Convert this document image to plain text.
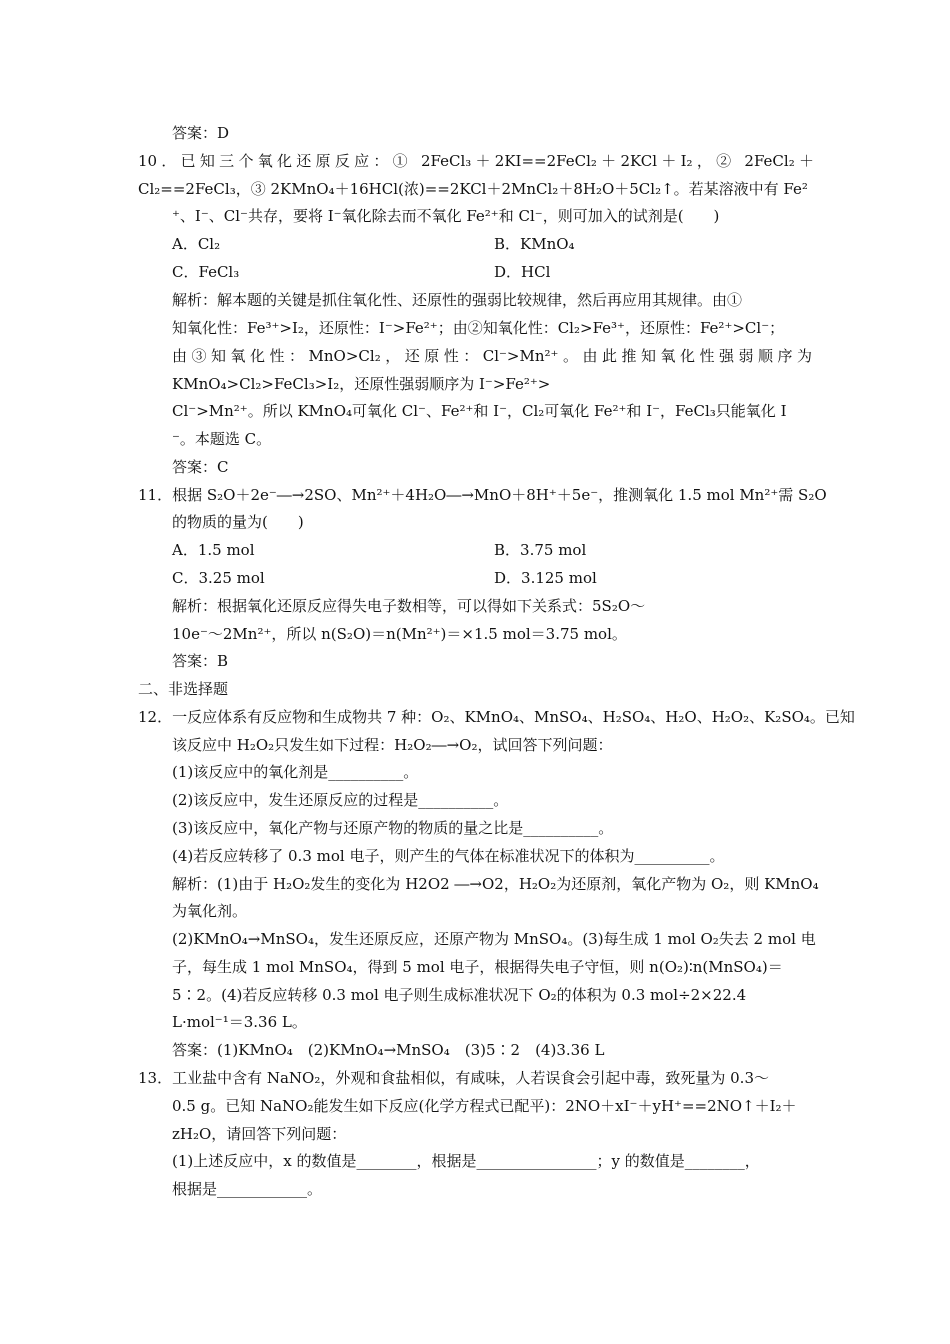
答案：D
10．已知三个氧化还原反应：① 2FeCl₃＋2KI==2FeCl₂＋2KCl＋I₂，② 2FeCl₂＋
Cl₂==2FeCl₃，③ 2KMnO₄＋16HCl(浓)==2KCl＋2MnCl₂＋8H₂O＋5Cl₂↑。若某溶液中有 Fe²
⁺、I⁻、Cl⁻共存，要将 I⁻氧化除去而不氧化 Fe²⁺和 Cl⁻，则可加入的试剂是(　　)
A．Cl₂	B．KMnO₄
C．FeCl₃	D．HCl
解析：解本题的关键是抓住氧化性、还原性的强弱比较规律，然后再应用其规律。由①
知氧化性：Fe³⁺>I₂，还原性：I⁻>Fe²⁺；由②知氧化性：Cl₂>Fe³⁺，还原性：Fe²⁺>Cl⁻；
由③知氧化性：MnO>Cl₂，还原性：Cl⁻>Mn²⁺。由此推知氧化性强弱顺序为
KMnO₄>Cl₂>FeCl₃>I₂，还原性强弱顺序为 I⁻>Fe²⁺>
Cl⁻>Mn²⁺。所以 KMnO₄可氧化 Cl⁻、Fe²⁺和 I⁻，Cl₂可氧化 Fe²⁺和 I⁻，FeCl₃只能氧化 I
⁻。本题选 C。
答案：C
11．根据 S₂O＋2e⁻―→2SO、Mn²⁺＋4H₂O―→MnO＋8H⁺＋5e⁻，推测氧化 1.5 mol Mn²⁺需 S₂O
的物质的量为(　　)
A．1.5 mol	B．3.75 mol
C．3.25 mol	D．3.125 mol
解析：根据氧化还原反应得失电子数相等，可以得如下关系式：5S₂O～
10e⁻～2Mn²⁺，所以 n(S₂O)＝n(Mn²⁺)＝×1.5 mol＝3.75 mol。
答案：B
二、非选择题
12．一反应体系有反应物和生成物共 7 种：O₂、KMnO₄、MnSO₄、H₂SO₄、H₂O、H₂O₂、K₂SO₄。已知
该反应中 H₂O₂只发生如下过程：H₂O₂―→O₂，试回答下列问题：
(1)该反应中的氧化剂是__________。
(2)该反应中，发生还原反应的过程是__________。
(3)该反应中，氧化产物与还原产物的物质的量之比是__________。
(4)若反应转移了 0.3 mol 电子，则产生的气体在标准状况下的体积为__________。
解析：(1)由于 H₂O₂发生的变化为 H2O2 ―→O2，H₂O₂为还原剂，氧化产物为 O₂，则 KMnO₄
为氧化剂。
(2)KMnO₄→MnSO₄，发生还原反应，还原产物为 MnSO₄。(3)每生成 1 mol O₂失去 2 mol 电
子，每生成 1 mol MnSO₄，得到 5 mol 电子，根据得失电子守恒，则 n(O₂)∶n(MnSO₄)＝
5∶2。(4)若反应转移 0.3 mol 电子则生成标准状况下 O₂的体积为 0.3 mol÷2×22.4
L·mol⁻¹＝3.36 L。
答案：(1)KMnO₄　(2)KMnO₄→MnSO₄　(3)5∶2　(4)3.36 L
13．工业盐中含有 NaNO₂，外观和食盐相似，有咸味，人若误食会引起中毒，致死量为 0.3～
0.5 g。已知 NaNO₂能发生如下反应(化学方程式已配平)：2NO＋xI⁻＋yH⁺==2NO↑＋I₂＋
zH₂O，请回答下列问题：
(1)上述反应中，x 的数值是________，根据是________________；y 的数值是________，
根据是____________。
